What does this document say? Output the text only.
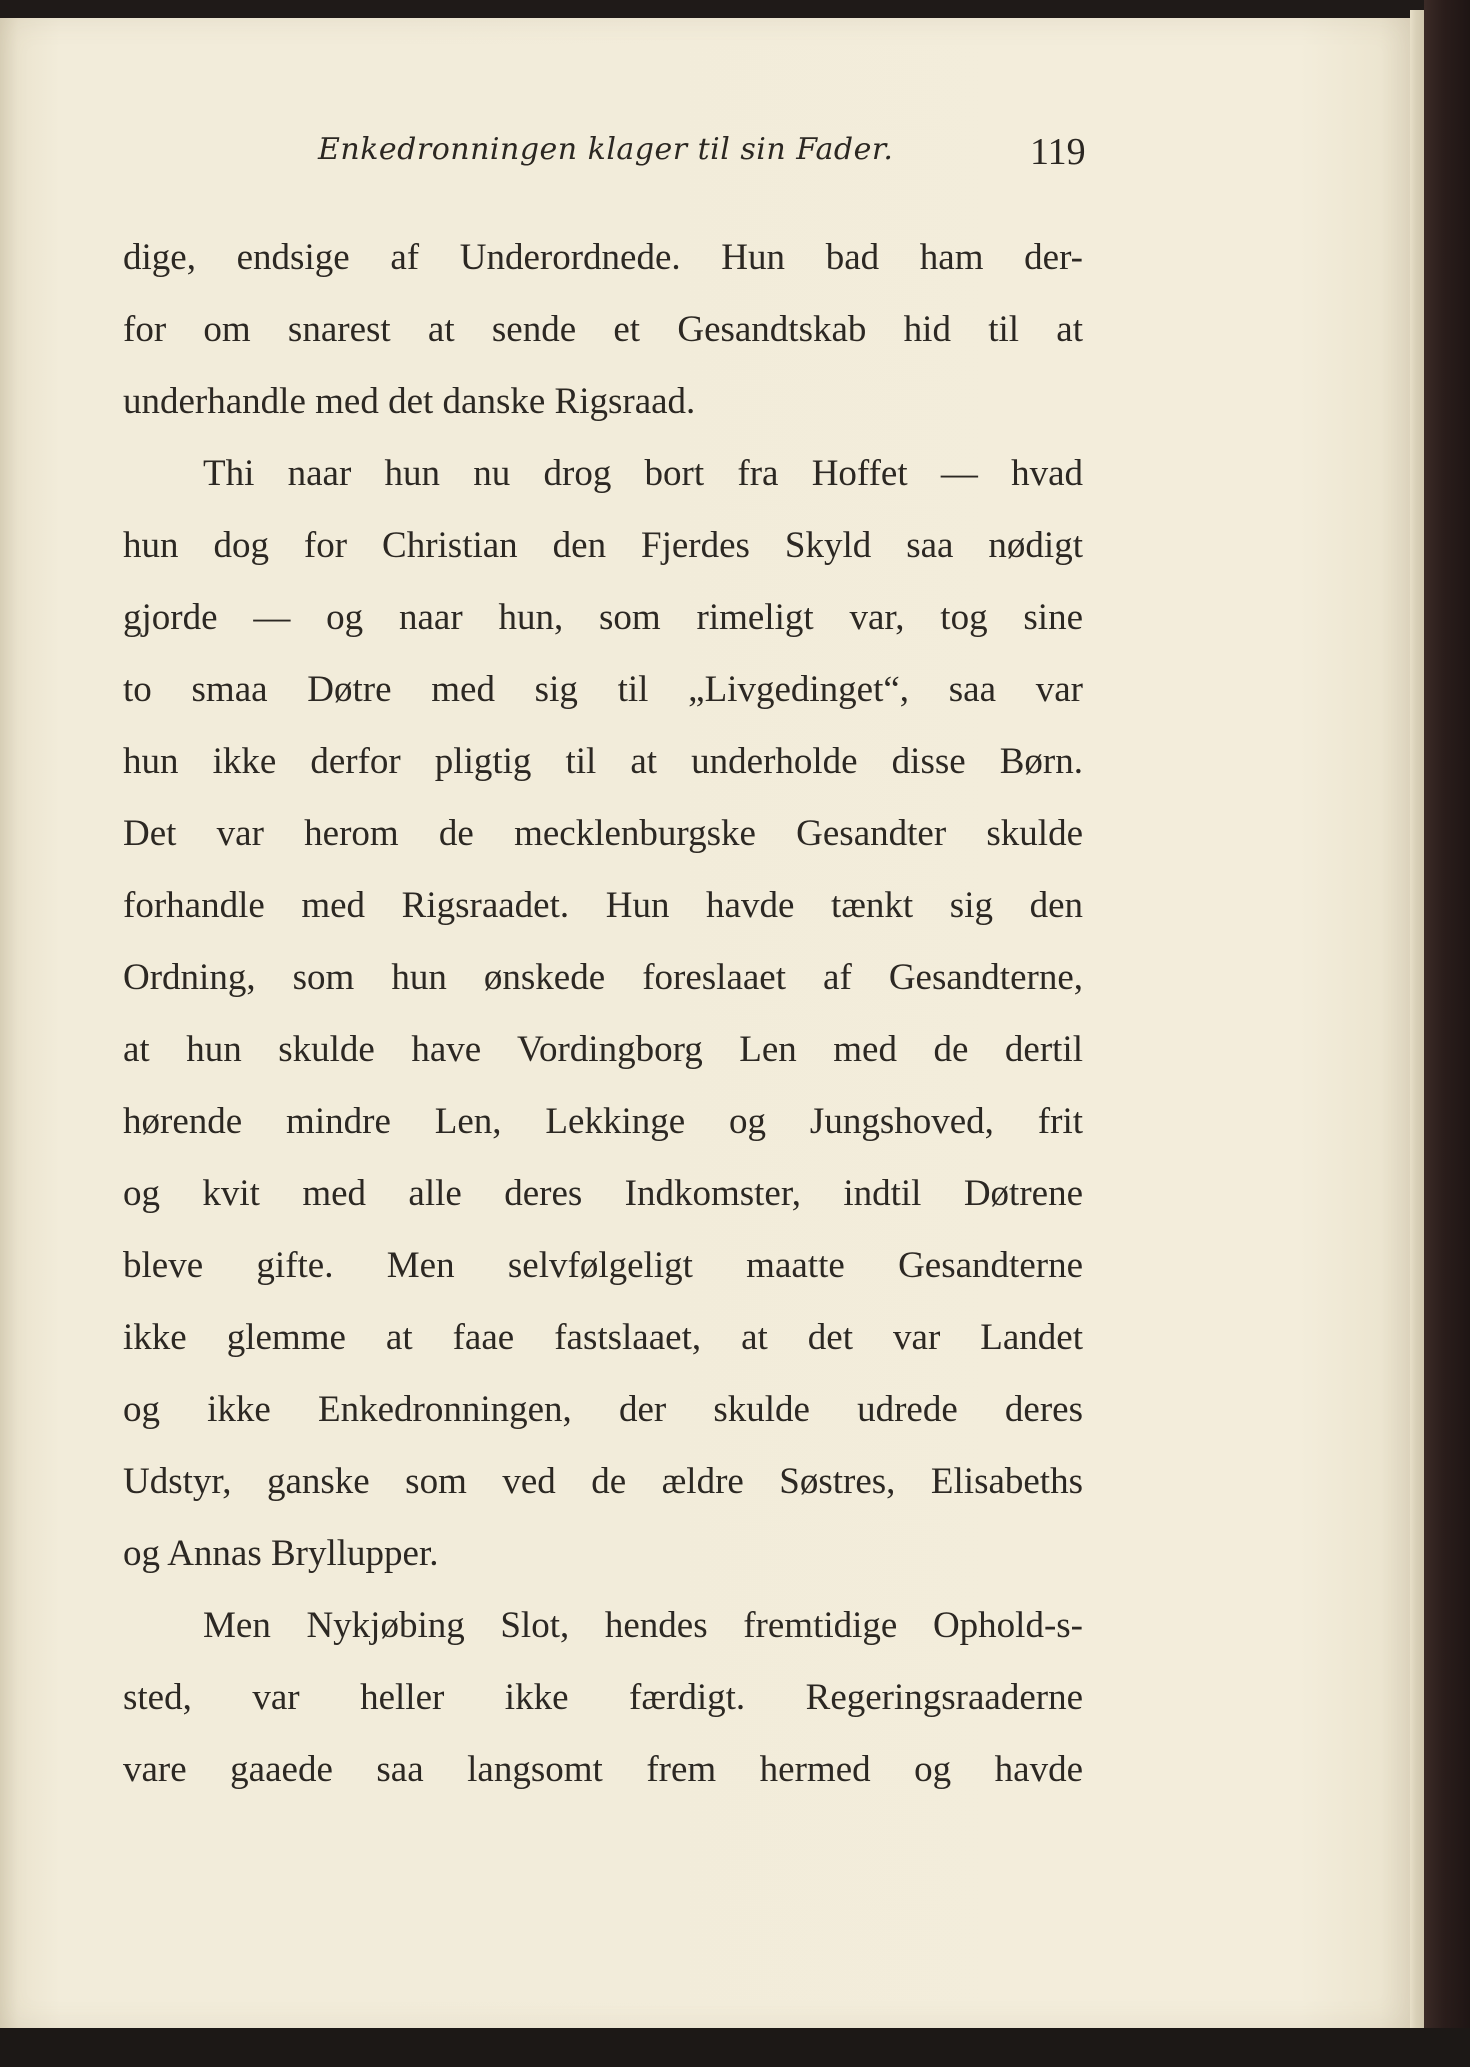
Enkedronningen klager til sin Fader.	119
dige, endsige af Underordnede. Hun bad ham der-
for om snarest at sende et Gesandtskab hid til at
underhandle med det danske Rigsraad.
Thi naar hun nu drog bort fra Hoffet — hvad
hun dog for Christian den Fjerdes Skyld saa nødigt
gjorde — og naar hun, som rimeligt var, tog sine
to smaa Døtre med sig til „Livgedinget“, saa var
hun ikke derfor pligtig til at underholde disse Børn.
Det var herom de mecklenburgske Gesandter skulde
forhandle med Rigsraadet. Hun havde tænkt sig den
Ordning, som hun ønskede foreslaaet af Gesandterne,
at hun skulde have Vordingborg Len med de dertil
hørende mindre Len, Lekkinge og Jungshoved, frit
og kvit med alle deres Indkomster, indtil Døtrene
bleve gifte. Men selvfølgeligt maatte Gesandterne
ikke glemme at faae fastslaaet, at det var Landet
og ikke Enkedronningen, der skulde udrede deres
Udstyr, ganske som ved de ældre Søstres, Elisabeths
og Annas Bryllupper.
Men Nykjøbing Slot, hendes fremtidige Ophold-s-
sted, var heller ikke færdigt. Regeringsraaderne
vare gaaede saa langsomt frem hermed og havde
